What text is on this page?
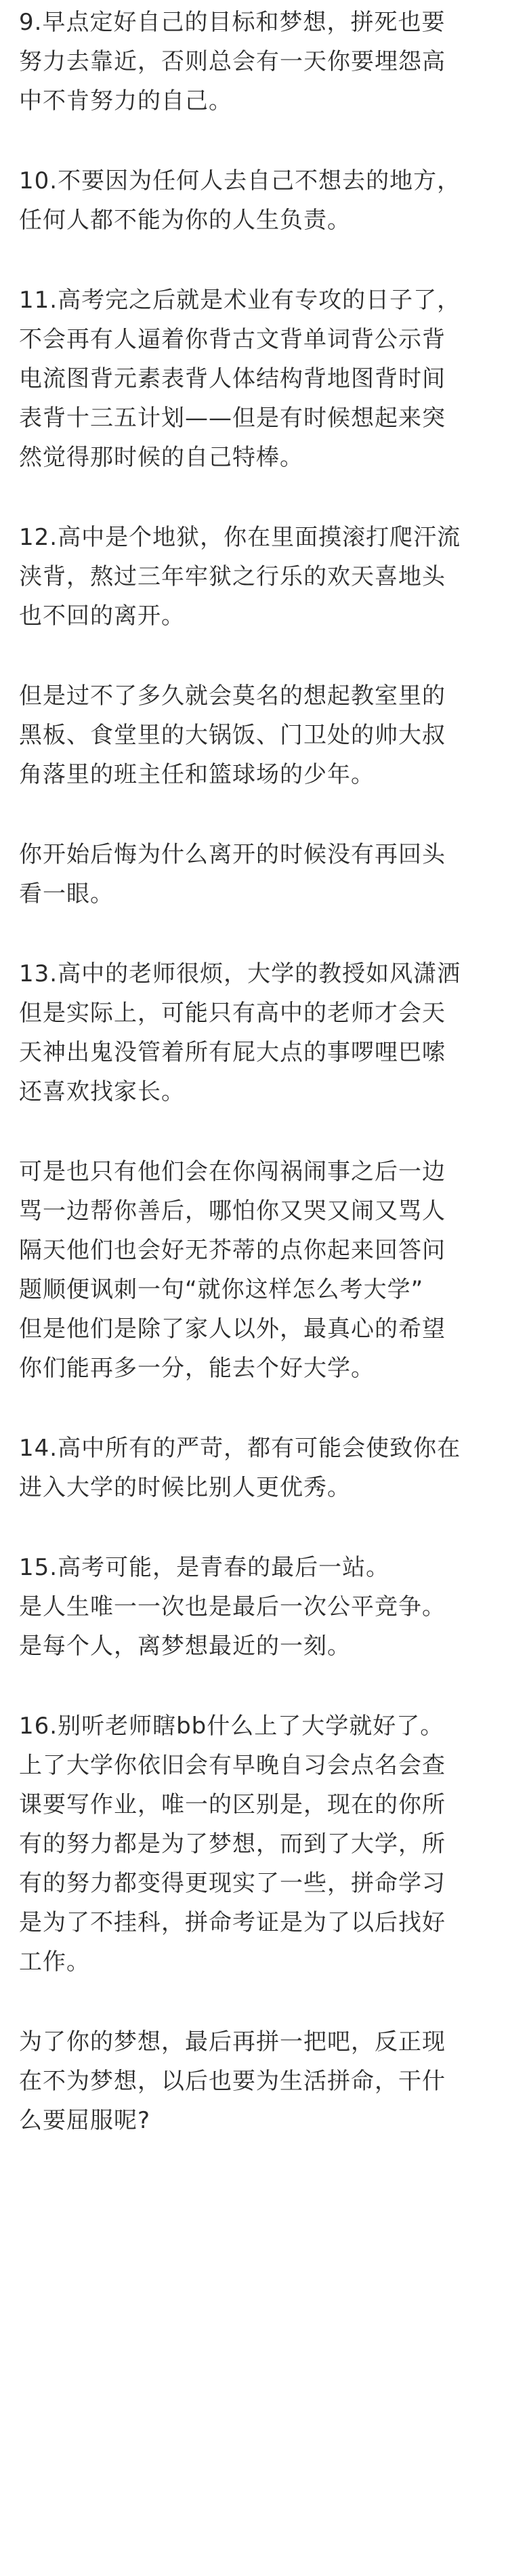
9.早点定好自己的目标和梦想，拼死也要
努力去靠近，否则总会有一天你要埋怨高
中不肯努力的自己。

10.不要因为任何人去自己不想去的地方，
任何人都不能为你的人生负责。

11.高考完之后就是术业有专攻的日子了，
不会再有人逼着你背古文背单词背公示背
电流图背元素表背人体结构背地图背时间
表背十三五计划——但是有时候想起来突
然觉得那时候的自己特棒。

12.高中是个地狱，你在里面摸滚打爬汗流
浃背，熬过三年牢狱之行乐的欢天喜地头
也不回的离开。

但是过不了多久就会莫名的想起教室里的
黑板、食堂里的大锅饭、门卫处的帅大叔
角落里的班主任和篮球场的少年。

你开始后悔为什么离开的时候没有再回头
看一眼。

13.高中的老师很烦，大学的教授如风潇洒
但是实际上，可能只有高中的老师才会天
天神出鬼没管着所有屁大点的事啰哩巴嗦
还喜欢找家长。

可是也只有他们会在你闯祸闹事之后一边
骂一边帮你善后，哪怕你又哭又闹又骂人
隔天他们也会好无芥蒂的点你起来回答问
题顺便讽刺一句“就你这样怎么考大学”
但是他们是除了家人以外，最真心的希望
你们能再多一分，能去个好大学。

14.高中所有的严苛，都有可能会使致你在
进入大学的时候比别人更优秀。

15.高考可能，是青春的最后一站。
是人生唯一一次也是最后一次公平竞争。
是每个人，离梦想最近的一刻。

16.别听老师瞎bb什么上了大学就好了。
上了大学你依旧会有早晚自习会点名会查
课要写作业，唯一的区别是，现在的你所
有的努力都是为了梦想，而到了大学，所
有的努力都变得更现实了一些，拼命学习
是为了不挂科，拼命考证是为了以后找好
工作。

为了你的梦想，最后再拼一把吧，反正现
在不为梦想，以后也要为生活拼命，干什
么要屈服呢?
